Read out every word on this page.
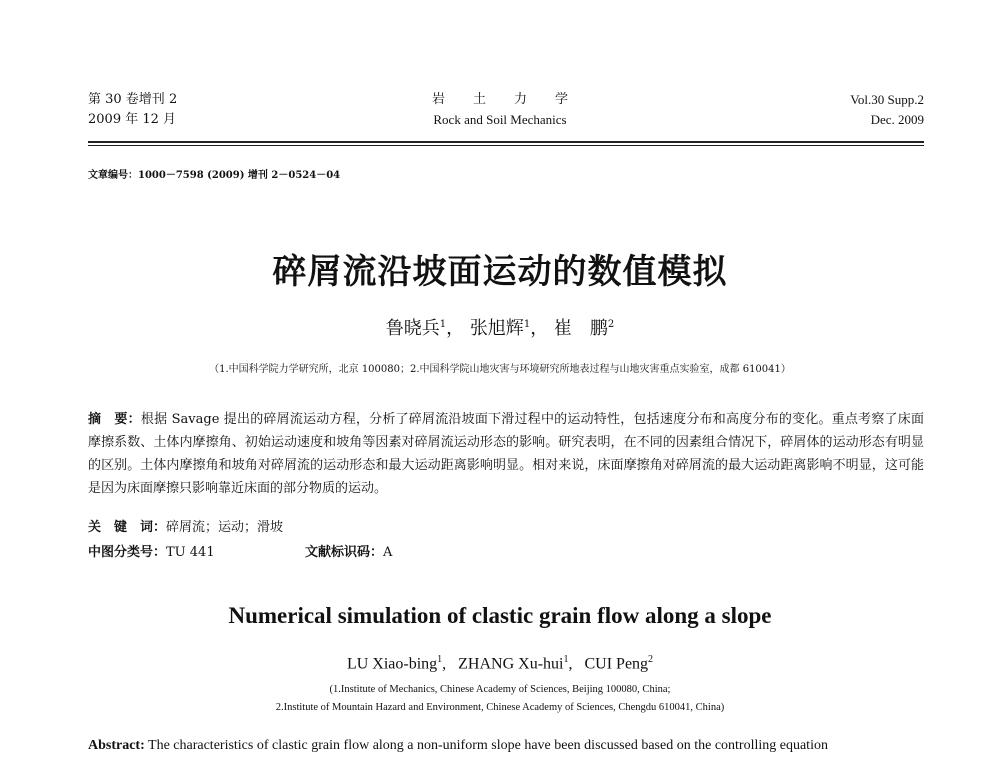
第 30 卷增刊 2
2009 年 12 月
岩土力学
Rock and Soil Mechanics
Vol.30 Supp.2
Dec. 2009
文章编号：1000－7598 (2009) 增刊 2－0524－04
碎屑流沿坡面运动的数值模拟
鲁晓兵$^1$， 张旭辉$^1$， 崔　鹏$^2$
（1.中国科学院力学研究所，北京 100080；2.中国科学院山地灾害与环境研究所地表过程与山地灾害重点实验室，成都 610041）
摘　要：根据 Savage 提出的碎屑流运动方程，分析了碎屑流沿坡面下滑过程中的运动特性，包括速度分布和高度分布的变化。重点考察了床面摩擦系数、土体内摩擦角、初始运动速度和坡角等因素对碎屑流运动形态的影响。研究表明，在不同的因素组合情况下，碎屑体的运动形态有明显的区别。土体内摩擦角和坡角对碎屑流的运动形态和最大运动距离影响明显。相对来说，床面摩擦角对碎屑流的最大运动距离影响不明显，这可能是因为床面摩擦只影响靠近床面的部分物质的运动。
关　键　词：碎屑流；运动；滑坡
中图分类号：TU 441	文献标识码：A
Numerical simulation of clastic grain flow along a slope
LU Xiao-bing$^1$, ZHANG Xu-hui$^1$, CUI Peng$^2$
(1.Institute of Mechanics, Chinese Academy of Sciences, Beijing 100080, China;
2.Institute of Mountain Hazard and Environment, Chinese Academy of Sciences, Chengdu 610041, China)
Abstract: The characteristics of clastic grain flow along a non-uniform slope have been discussed based on the controlling equation
